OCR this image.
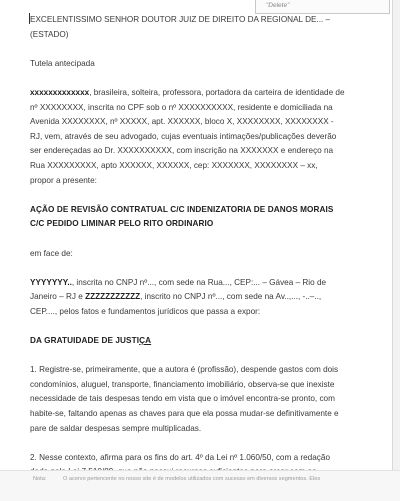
"Delete"

EXCELENTISSIMO SENHOR DOUTOR JUIZ DE DIREITO DA REGIONAL DE... –

(ESTADO)

Tutela antecipada

xxxxxxxxxxxxx, brasileira, solteira, professora, portadora da carteira de identidade de

nº XXXXXXXX, inscrita no CPF sob o nº XXXXXXXXXX, residente e domiciliada na

Avenida XXXXXXXX, nº XXXXX, apt. XXXXXX, bloco X, XXXXXXXX, XXXXXXXX -

RJ, vem, através de seu advogado, cujas eventuais intimações/publicações deverão

ser endereçadas ao Dr. XXXXXXXXXX, com inscrição na XXXXXXX e endereço na

Rua XXXXXXXXX, apto XXXXXX, XXXXXX, cep: XXXXXXX, XXXXXXXX – xx,

propor a presente:

AÇÃO DE REVISÃO CONTRATUAL C/C INDENIZATORIA DE DANOS MORAIS

C/C PEDIDO LIMINAR PELO RITO ORDINARIO

em face de:

YYYYYYY.., inscrita no CNPJ nº..., com sede na Rua..., CEP:... – Gávea – Rio de

Janeiro – RJ e ZZZZZZZZZZZ, inscrito no CNPJ nº..., com sede na Av..,..., -..–..,

CEP...., pelos fatos e fundamentos jurídicos que passa a expor:

DA GRATUIDADE DE JUSTIÇA

1. Registre-se, primeiramente, que a autora é (profissão), despende gastos com dois

condomínios, aluguel, transporte, financiamento imobiliário, observa-se que inexiste

necessidade de tais despesas tendo em vista que o imóvel encontra-se pronto, com

habite-se, faltando apenas as chaves para que ela possa mudar-se definitivamente e

pare de saldar despesas sempre multiplicadas.

2. Nesse contexto, afirma para os fins do art. 4º da Lei nº 1.060/50, com a redação

Nota:	O acervo pertencente no nosso site é de modelos utilizados com sucesso em diversos segmentos. Eles
